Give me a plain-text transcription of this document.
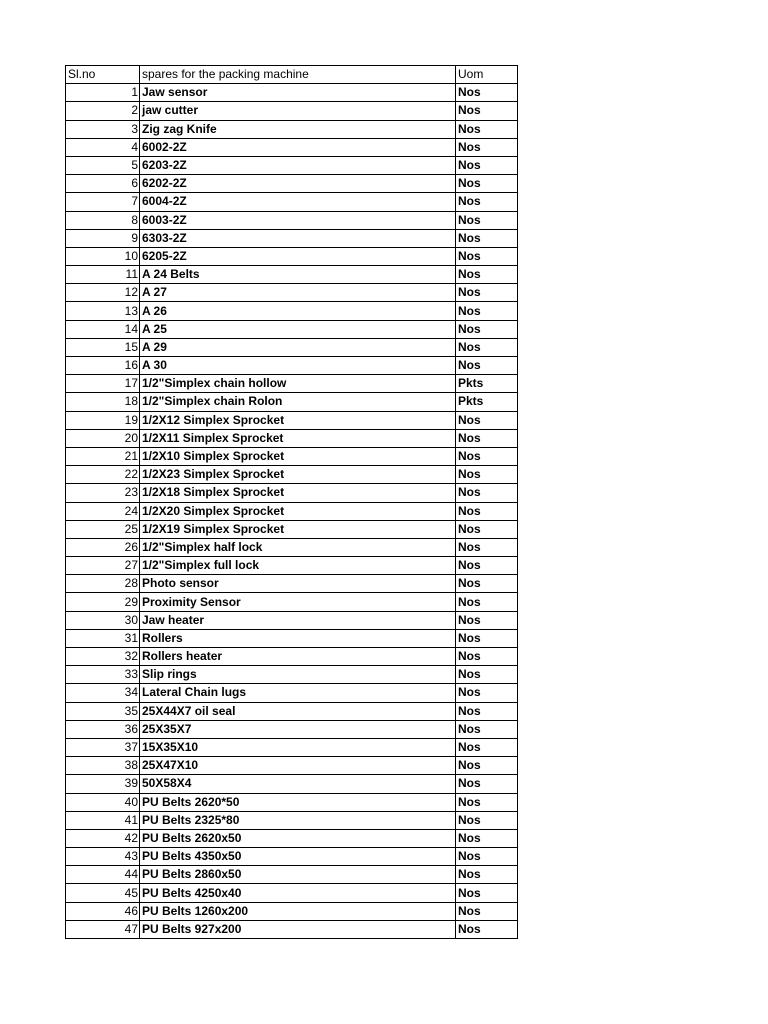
Sl.no	spares for the packing machine	Uom
1	Jaw sensor	Nos
2	jaw cutter	Nos
3	Zig zag Knife	Nos
4	6002-2Z	Nos
5	6203-2Z	Nos
6	6202-2Z	Nos
7	6004-2Z	Nos
8	6003-2Z	Nos
9	6303-2Z	Nos
10	6205-2Z	Nos
11	A 24 Belts	Nos
12	A 27	Nos
13	A 26	Nos
14	A 25	Nos
15	A 29	Nos
16	A 30	Nos
17	1/2"Simplex chain hollow	Pkts
18	1/2"Simplex chain Rolon	Pkts
19	1/2X12 Simplex Sprocket	Nos
20	1/2X11 Simplex Sprocket	Nos
21	1/2X10 Simplex Sprocket	Nos
22	1/2X23 Simplex Sprocket	Nos
23	1/2X18 Simplex Sprocket	Nos
24	1/2X20 Simplex Sprocket	Nos
25	1/2X19 Simplex Sprocket	Nos
26	1/2"Simplex half lock	Nos
27	1/2"Simplex full lock	Nos
28	Photo sensor	Nos
29	Proximity Sensor	Nos
30	Jaw heater	Nos
31	Rollers	Nos
32	Rollers heater	Nos
33	Slip rings	Nos
34	Lateral Chain lugs	Nos
35	25X44X7 oil seal	Nos
36	25X35X7	Nos
37	15X35X10	Nos
38	25X47X10	Nos
39	50X58X4	Nos
40	PU Belts 2620*50	Nos
41	PU Belts 2325*80	Nos
42	PU Belts 2620x50	Nos
43	PU Belts 4350x50	Nos
44	PU Belts 2860x50	Nos
45	PU Belts 4250x40	Nos
46	PU Belts 1260x200	Nos
47	PU Belts 927x200	Nos
